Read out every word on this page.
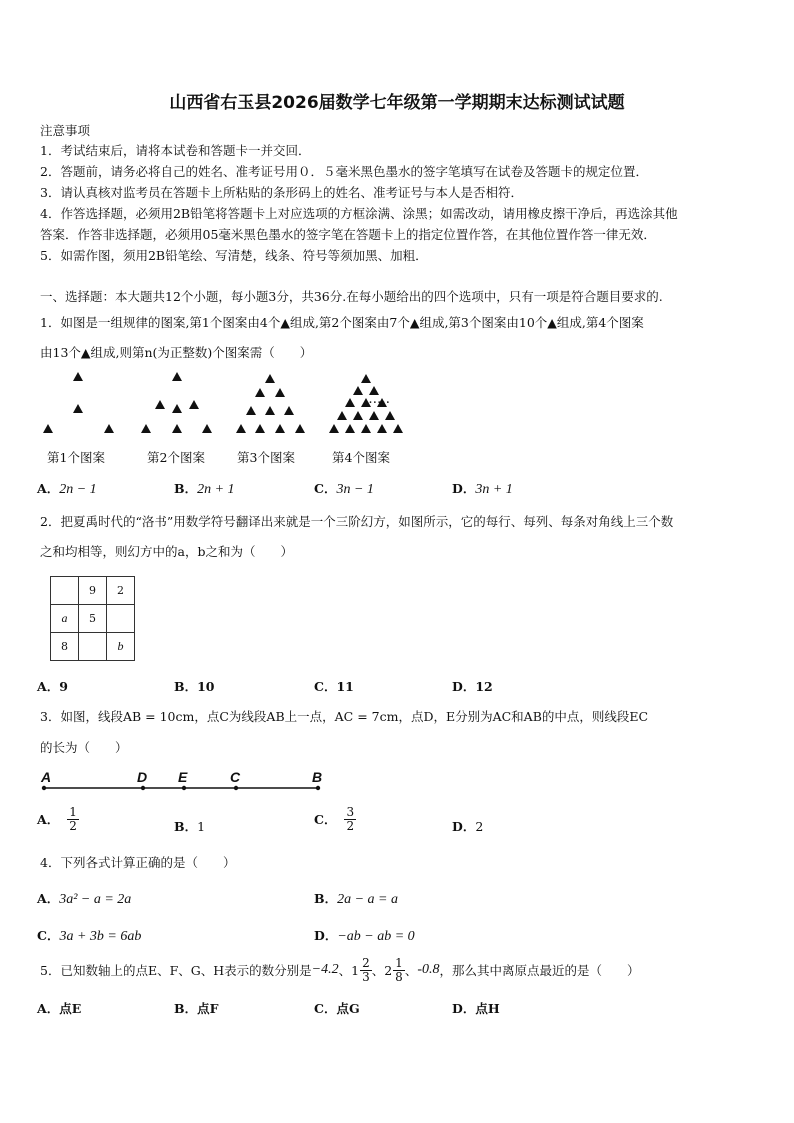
山西省右玉县2026届数学七年级第一学期期末达标测试试题
注意事项
1．考试结束后，请将本试卷和答题卡一并交回．
2．答题前，请务必将自己的姓名、准考证号用０．５毫米黑色墨水的签字笔填写在试卷及答题卡的规定位置．
3．请认真核对监考员在答题卡上所粘贴的条形码上的姓名、准考证号与本人是否相符．
4．作答选择题，必须用2B铅笔将答题卡上对应选项的方框涂满、涂黑；如需改动，请用橡皮擦干净后，再选涂其他
答案．作答非选择题，必须用05毫米黑色墨水的签字笔在答题卡上的指定位置作答，在其他位置作答一律无效．
5．如需作图，须用2B铅笔绘、写清楚，线条、符号等须加黑、加粗．
一、选择题：本大题共12个小题，每小题3分，共36分.在每小题给出的四个选项中，只有一项是符合题目要求的.
1．如图是一组规律的图案,第1个图案由4个▲组成,第2个图案由7个▲组成,第3个图案由10个▲组成,第4个图案
由13个▲组成,则第n(为正整数)个图案需（　　）
……
第1个图案	第2个图案	第3个图案	第4个图案
A．2n − 1	B．2n + 1	C．3n − 1	D．3n + 1
2．把夏禹时代的“洛书”用数学符号翻译出来就是一个三阶幻方，如图所示，它的每行、每列、每条对角线上三个数
之和均相等，则幻方中的a，b之和为（　　）
	9	2
a	5	
8		b
A．9	B．10	C．11	D．12
3．如图，线段AB = 10cm，点C为线段AB上一点，AC = 7cm，点D，E分别为AC和AB的中点，则线段EC
的长为（　　）
A	D E	C	B
A． $\frac{1}{2}$	B．1	C． $\frac{3}{2}$	D．2
4．下列各式计算正确的是（　　）
A．3a² − a = 2a	B．2a − a = a
C．3a + 3b = 6ab	D．−ab − ab = 0
5．已知数轴上的点E、F、G、H表示的数分别是 −4.2 、 $1 \frac{2}{3}$ 、 $2 \frac{1}{8}$ 、 -0.8 ，那么其中离原点最近的是（　　）
A．点E	B．点F	C．点G	D．点H
